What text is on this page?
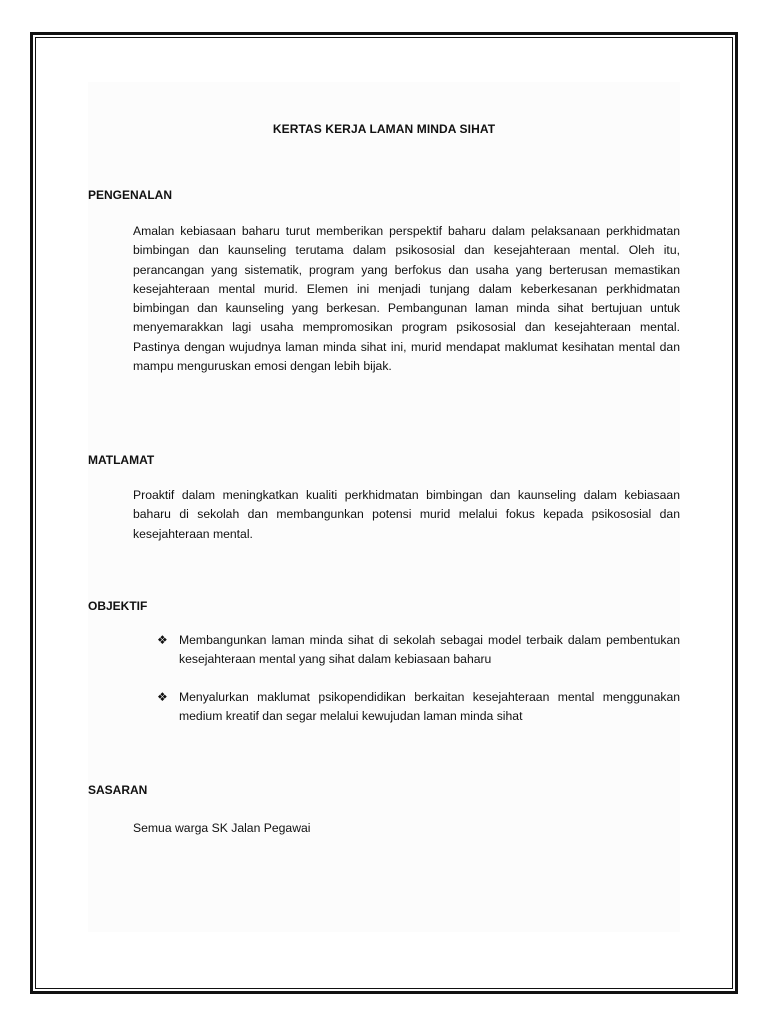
KERTAS KERJA LAMAN MINDA SIHAT
PENGENALAN

Amalan kebiasaan baharu turut memberikan perspektif baharu dalam pelaksanaan perkhidmatan bimbingan dan kaunseling terutama dalam psikososial dan kesejahteraan mental. Oleh itu, perancangan yang sistematik, program yang berfokus dan usaha yang berterusan memastikan kesejahteraan mental murid. Elemen ini menjadi tunjang dalam keberkesanan perkhidmatan bimbingan dan kaunseling yang berkesan. Pembangunan laman minda sihat bertujuan untuk menyemarakkan lagi usaha mempromosikan program psikososial dan kesejahteraan mental. Pastinya dengan wujudnya laman minda sihat ini, murid mendapat maklumat kesihatan mental dan mampu menguruskan emosi dengan lebih bijak.

MATLAMAT

Proaktif dalam meningkatkan kualiti perkhidmatan bimbingan dan kaunseling dalam kebiasaan baharu di sekolah dan membangunkan potensi murid melalui fokus kepada psikososial dan kesejahteraan mental.

OBJEKTIF
❖ Membangunkan laman minda sihat di sekolah sebagai model terbaik dalam pembentukan kesejahteraan mental yang sihat dalam kebiasaan baharu

❖ Menyalurkan maklumat psikopendidikan berkaitan kesejahteraan mental menggunakan medium kreatif dan segar melalui kewujudan laman minda sihat

SASARAN

Semua warga SK Jalan Pegawai
